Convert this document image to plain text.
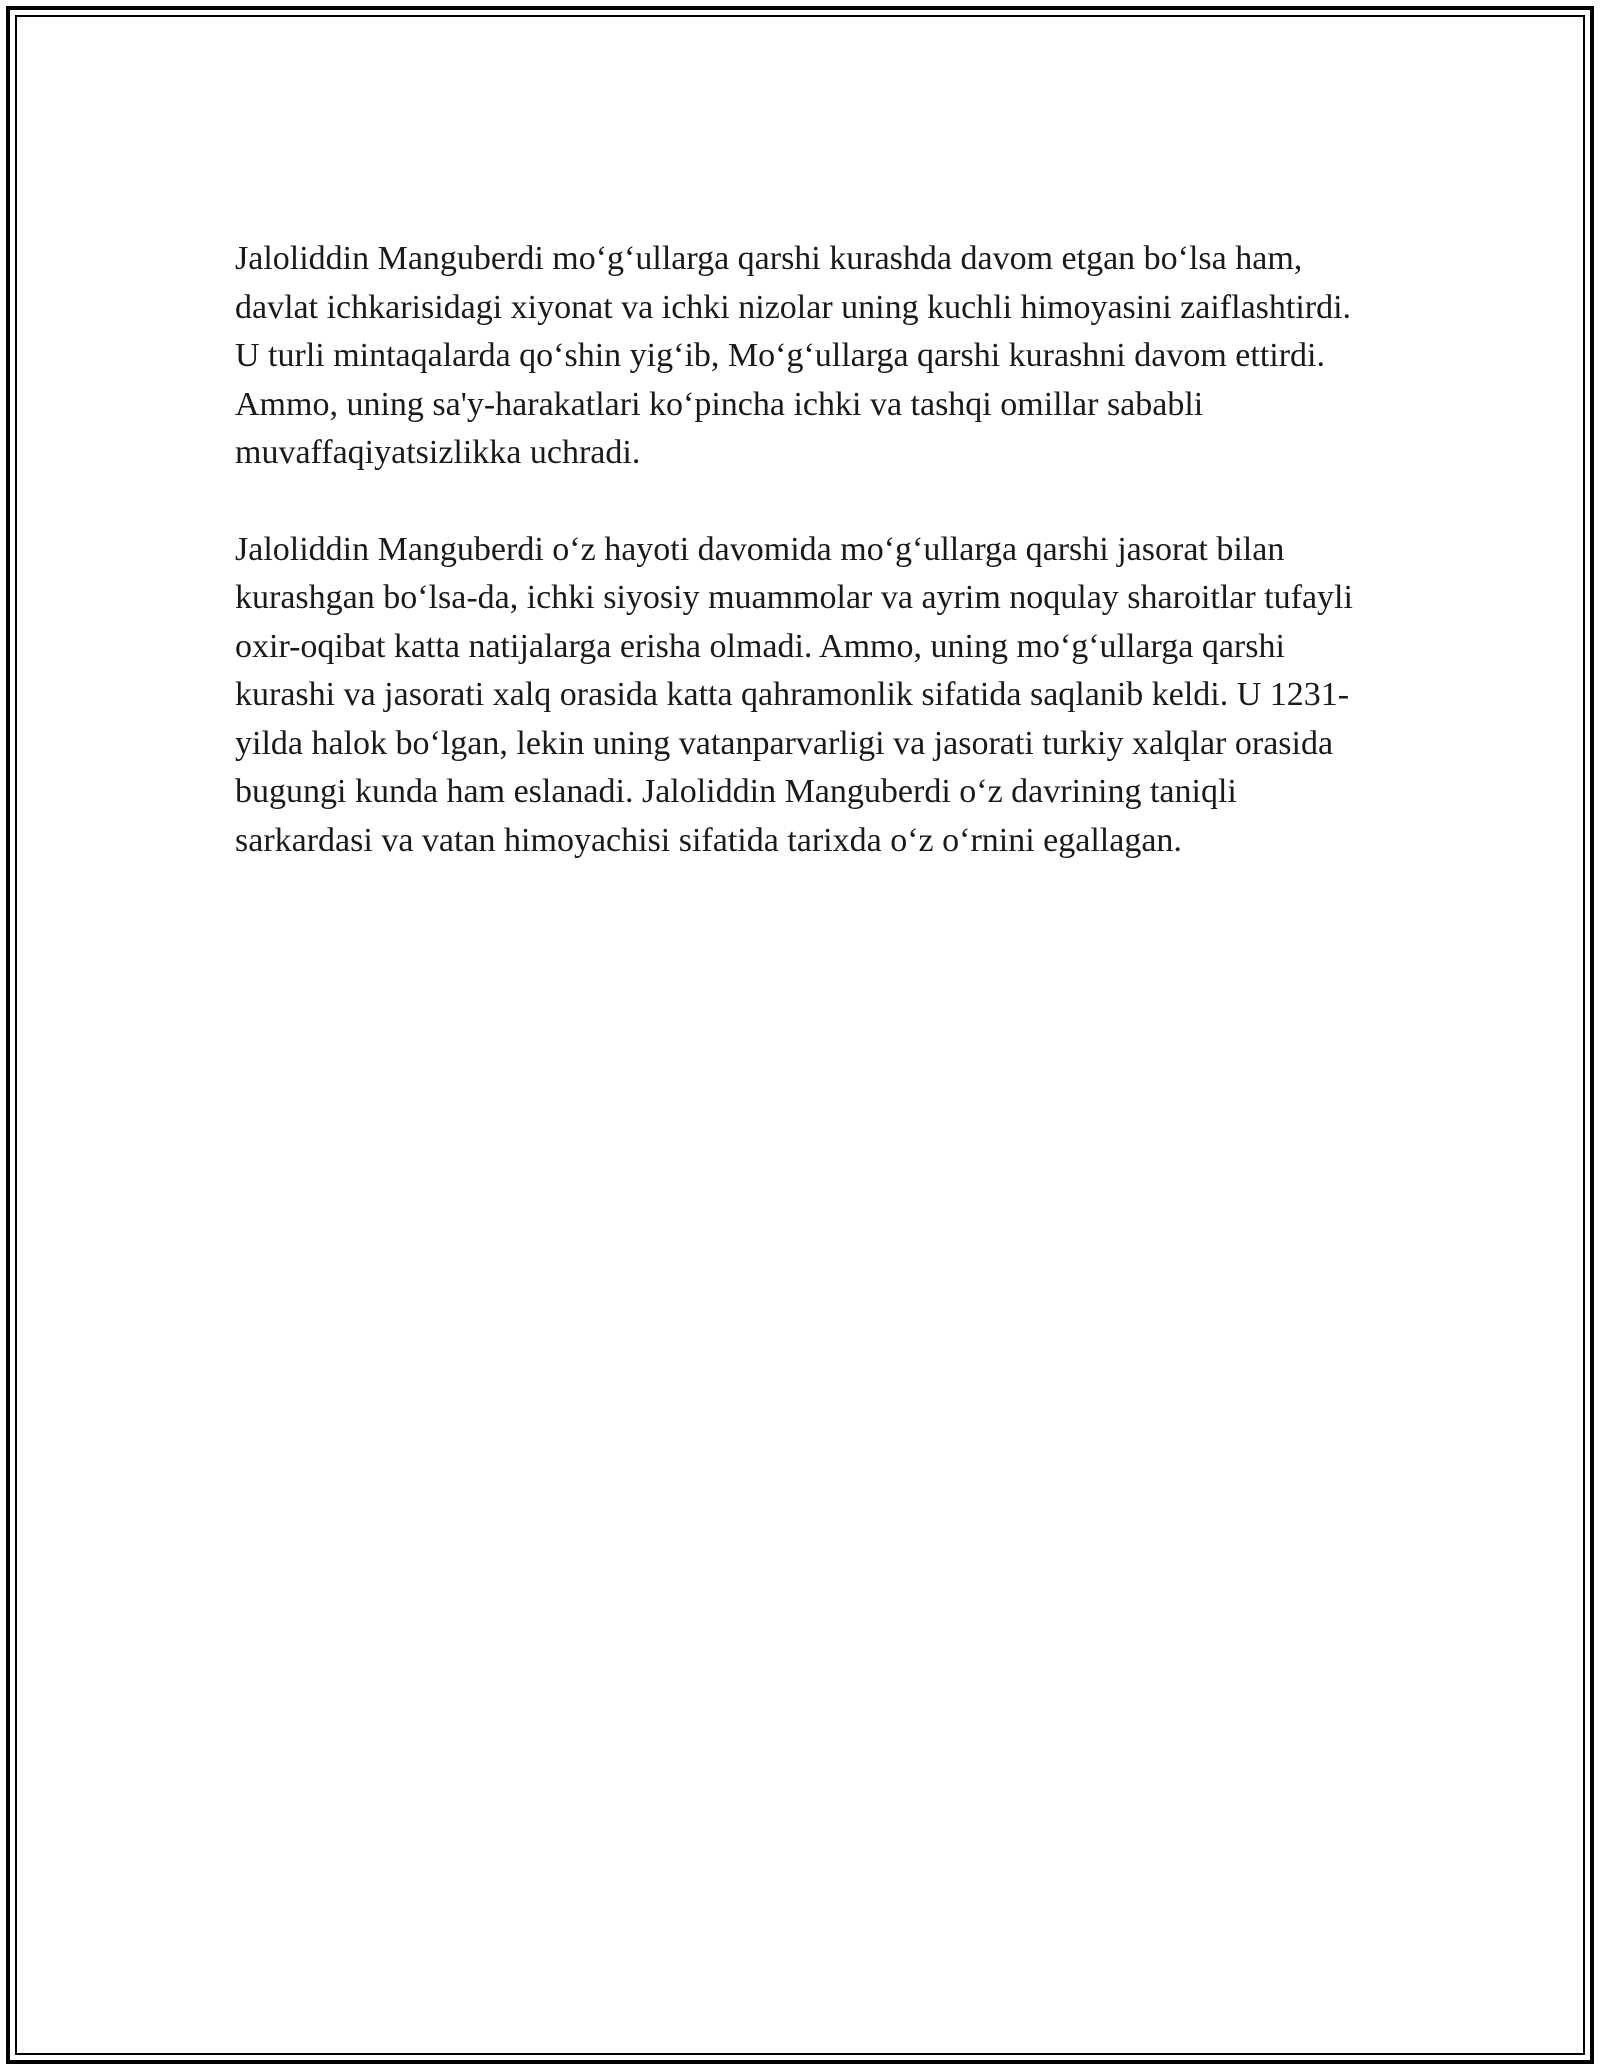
Jaloliddin Manguberdi mo‘g‘ullarga qarshi kurashda davom etgan bo‘lsa ham, davlat ichkarisidagi xiyonat va ichki nizolar uning kuchli himoyasini zaiflashtirdi. U turli mintaqalarda qo‘shin yig‘ib, Mo‘g‘ullarga qarshi kurashni davom ettirdi. Ammo, uning sa'y-harakatlari ko‘pincha ichki va tashqi omillar sababli muvaffaqiyatsizlikka uchradi.

Jaloliddin Manguberdi o‘z hayoti davomida mo‘g‘ullarga qarshi jasorat bilan kurashgan bo‘lsa-da, ichki siyosiy muammolar va ayrim noqulay sharoitlar tufayli oxir-oqibat katta natijalarga erisha olmadi. Ammo, uning mo‘g‘ullarga qarshi kurashi va jasorati xalq orasida katta qahramonlik sifatida saqlanib keldi. U 1231-yilda halok bo‘lgan, lekin uning vatanparvarligi va jasorati turkiy xalqlar orasida bugungi kunda ham eslanadi. Jaloliddin Manguberdi o‘z davrining taniqli sarkardasi va vatan himoyachisi sifatida tarixda o‘z o‘rnini egallagan.
